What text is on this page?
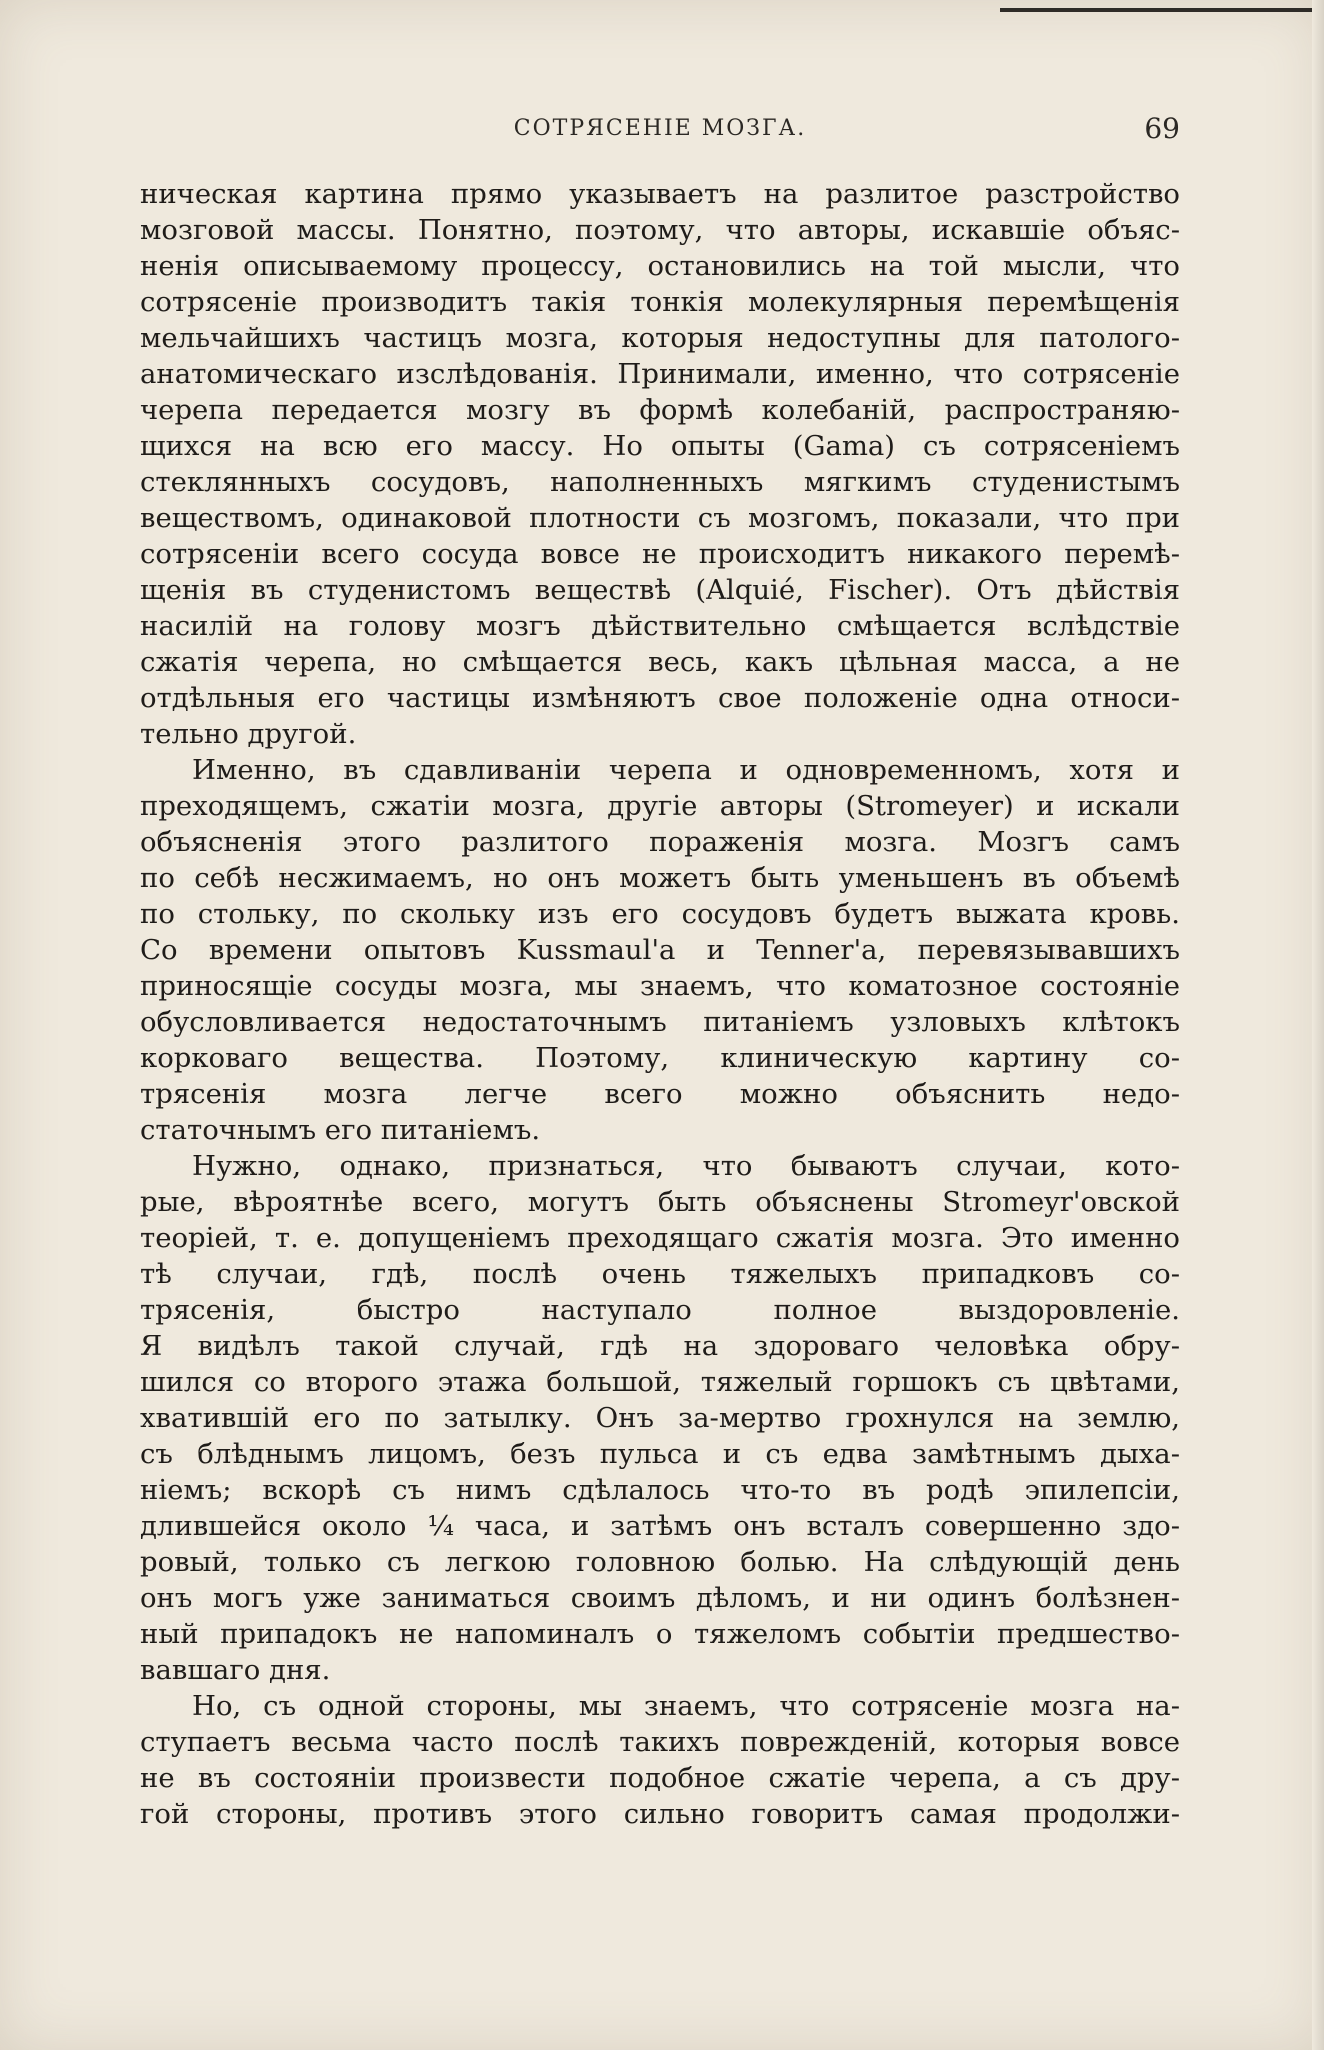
СОТРЯСЕНІЕ МОЗГА.	69
ническая картина прямо указываетъ на разлитое разстройство
мозговой массы. Понятно, поэтому, что авторы, искавшіе объяс-
ненія описываемому процессу, остановились на той мысли, что
сотрясеніе производитъ такія тонкія молекулярныя перемѣщенія
мельчайшихъ частицъ мозга, которыя недоступны для патолого-
анатомическаго изслѣдованія. Принимали, именно, что сотрясеніе
черепа передается мозгу въ формѣ колебаній, распространяю-
щихся на всю его массу. Но опыты (Gama) съ сотрясеніемъ
стеклянныхъ сосудовъ, наполненныхъ мягкимъ студенистымъ
веществомъ, одинаковой плотности съ мозгомъ, показали, что при
сотрясеніи всего сосуда вовсе не происходитъ никакого перемѣ-
щенія въ студенистомъ веществѣ (Alquié, Fischer). Отъ дѣйствія
насилій на голову мозгъ дѣйствительно смѣщается вслѣдствіе
сжатія черепа, но смѣщается весь, какъ цѣльная масса, а не
отдѣльныя его частицы измѣняютъ свое положеніе одна относи-
тельно другой.
Именно, въ сдавливаніи черепа и одновременномъ, хотя и
преходящемъ, сжатіи мозга, другіе авторы (Stromeyer) и искали
объясненія этого разлитого пораженія мозга. Мозгъ самъ
по себѣ несжимаемъ, но онъ можетъ быть уменьшенъ въ объемѣ
по стольку, по скольку изъ его сосудовъ будетъ выжата кровь.
Со времени опытовъ Kussmaul'а и Tenner'а, перевязывавшихъ
приносящіе сосуды мозга, мы знаемъ, что коматозное состояніе
обусловливается недостаточнымъ питаніемъ узловыхъ клѣтокъ
корковаго вещества. Поэтому, клиническую картину со-
трясенія мозга легче всего можно объяснить недо-
статочнымъ его питаніемъ.
Нужно, однако, признаться, что бываютъ случаи, кото-
рые, вѣроятнѣе всего, могутъ быть объяснены Stromeyr'овской
теоріей, т. е. допущеніемъ преходящаго сжатія мозга. Это именно
тѣ случаи, гдѣ, послѣ очень тяжелыхъ припадковъ со-
трясенія, быстро наступало полное выздоровленіе.
Я видѣлъ такой случай, гдѣ на здороваго человѣка обру-
шился со второго этажа большой, тяжелый горшокъ съ цвѣтами,
хватившій его по затылку. Онъ за-мертво грохнулся на землю,
съ блѣднымъ лицомъ, безъ пульса и съ едва замѣтнымъ дыха-
ніемъ; вскорѣ съ нимъ сдѣлалось что-то въ родѣ эпилепсіи,
длившейся около ¼ часа, и затѣмъ онъ всталъ совершенно здо-
ровый, только съ легкою головною болью. На слѣдующій день
онъ могъ уже заниматься своимъ дѣломъ, и ни одинъ болѣзнен-
ный припадокъ не напоминалъ о тяжеломъ событіи предшество-
вавшаго дня.
Но, съ одной стороны, мы знаемъ, что сотрясеніе мозга на-
ступаетъ весьма часто послѣ такихъ поврежденій, которыя вовсе
не въ состояніи произвести подобное сжатіе черепа, а съ дру-
гой стороны, противъ этого сильно говоритъ самая продолжи-
